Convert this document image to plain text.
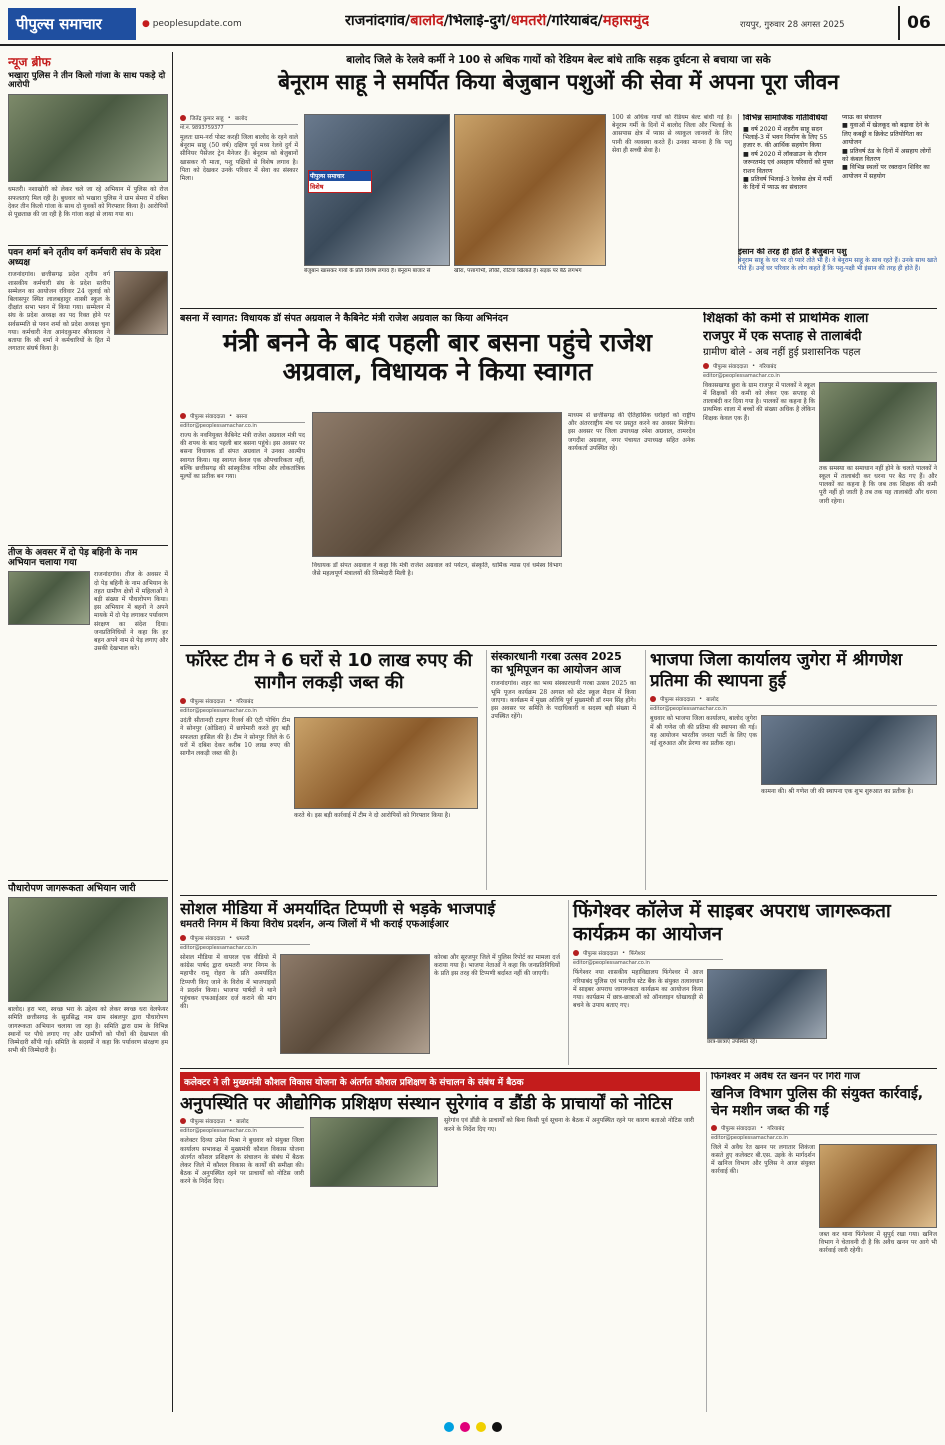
पीपुल्स समाचार	● peoplesupdate.com	राजनांदगांव/बालोद/भिलाई-दुर्ग/धमतरी/गरियाबंद/महासमुंद	रायपुर, गुरुवार 28 अगस्त 2025	06
न्यूज ब्रीफ
भखारा पुलिस ने तीन किलो गांजा के साथ पकड़े दो आरोपी
धमतरी। नशाखोरी को लेकर चले जा रहे अभियान में पुलिस को रोज सफलताएं मिल रही है। बुधवार को भखारा पुलिस ने ग्राम सेमरा में दबिश देकर तीन किलो गांजा के साथ दो युवकों को गिरफ्तार किया है। आरोपियों से पूछताछ की जा रही है कि गांजा कहां से लाया गया था।
पवन शर्मा बने तृतीय वर्ग कर्मचारी संघ के प्रदेश अध्यक्ष
राजनांदगांव। छत्तीसगढ़ प्रदेश तृतीय वर्ग शासकीय कर्मचारी संघ के प्रदेश स्तरीय सम्मेलन का आयोजन रविवार 24 जुलाई को बिलासपुर स्थित लालबहादुर शास्त्री स्कूल के दीक्षांत सभा भवन में किया गया। सम्मेलन में संघ के प्रदेश अध्यक्ष का पद रिक्त होने पर सर्वसम्मति से पवन शर्मा को प्रदेश अध्यक्ष चुना गया। कर्मचारी नेता आनंदकुमार श्रीवास्तव ने बताया कि श्री शर्मा ने कर्मचारियों के हित में लगातार संघर्ष किया है।
तीज के अवसर में दो पेड़ बहिनी के नाम अभियान चलाया गया
राजनांदगांव। तीज के अवसर में दो पेड़ बहिनी के नाम अभियान के तहत ग्रामीण क्षेत्रों में महिलाओं ने बड़ी संख्या में पौधारोपण किया। इस अभियान में बहनों ने अपने मायके में दो पेड़ लगाकर पर्यावरण संरक्षण का संदेश दिया। जनप्रतिनिधियों ने कहा कि हर बहन अपने नाम से पेड़ लगाए और उसकी देखभाल करे।
पौधारोपण जागरूकता अभियान जारी
बालोद। हरा भरा, स्वच्छ भरा के उद्देश्य को लेकर स्वच्छ धरा वेलफेयर समिति छत्तीसगढ़ के सुप्रसिद्ध नाम ग्राम संबलपुर द्वारा पौधारोपण जागरूकता अभियान चलाया जा रहा है। समिति द्वारा ग्राम के विभिन्न स्थानों पर पौधे लगाए गए और ग्रामीणों को पौधों की देखभाल की जिम्मेदारी सौंपी गई। समिति के सदस्यों ने कहा कि पर्यावरण संरक्षण हम सभी की जिम्मेदारी है।
बालोद जिले के रेलवे कर्मी ने 100 से अधिक गायों को रेडियम बेल्ट बांधे ताकि सड़क दुर्घटना से बचाया जा सके
बेनूराम साहू ने समर्पित किया बेजुबान पशुओं की सेवा में अपना पूरा जीवन
जितेंद्र कुमार साहू • बालोद
मो.नं. 9893759377
मूलतः ग्राम-नर्रा पोस्ट करही जिला बालोद के रहने वाले बेनूराम साहू (50 वर्ष) दक्षिण पूर्व मध्य रेलवे दुर्ग में सीनियर पैसेंजर ट्रेन मैनेजर हैं। बेनूराम को बेजुबानों खासकर गौ माता, पशु पक्षियों से विशेष लगाव है। पिता को देखकर उनके परिवार में सेवा का संस्कार मिला।	पीपुल्स समाचार
विशेष
बेजुबान खासकर गायों के प्रति विशेष लगाव है। बेनूराम बाजार से	खीरा, पत्तागोभी, लौकी, रोटियां खिलाते हैं। सड़क पर बैठे लगभग
100 से अधिक गायों को रेडियम बेल्ट बांधी गई है। बेनूराम गर्मी के दिनों में बालोद जिला और भिलाई के आसपास क्षेत्र में प्यास से व्याकुल जानवरों के लिए पानी की व्यवस्था करते हैं। उनका मानना है कि पशु सेवा ही सच्ची सेवा है।
विभिन्न सामाजिक गतिविधियां
■ वर्ष 2020 में शहरीय साहू सदन भिलाई-3 में भवन निर्माण के लिए 55 हजार रु. की आर्थिक सहयोग किया
■ वर्ष 2020 में लॉकडाउन के दौरान जरूरतमंद एवं असहाय परिवारों को मुफ्त राशन वितरण
■ प्रतिवर्ष भिलाई-3 रेलवेस क्षेत्र में गर्मी के दिनों में प्याऊ का संचालन
प्याऊ का संचालन
■ युवाओं में खेलकूद को बढ़ावा देने के लिए कबड्डी व क्रिकेट प्रतियोगिता का आयोजन
■ प्रतिवर्ष ठंड के दिनों में असहाय लोगों को कंबल वितरण
■ विभिन्न स्थलों पर रक्तदान शिविर का आयोजन में सहयोग
इंसान की तरह ही होते हैं बेजुबान पशु
बेनूराम साहू के घर पर दो प्यारे तोते भी हैं। वे बेनूराम साहू के साथ रहते हैं। उनके साथ खाते पीते हैं। उन्हें घर परिवार के लोग कहते हैं कि पशु-पक्षी भी इंसान की तरह ही होते हैं।
बसना में स्वागत: विधायक डॉ संपत अग्रवाल ने कैबिनेट मंत्री राजेश अग्रवाल का किया अभिनंदन
मंत्री बनने के बाद पहली बार बसना पहुंचे राजेश अग्रवाल, विधायक ने किया स्वागत
पीपुल्स संवाददाता • बसना
editor@peoplessamachar.co.in
राज्य के नवनियुक्त कैबिनेट मंत्री राजेश अग्रवाल मंत्री पद की शपथ के बाद पहली बार बसना पहुंचे। इस अवसर पर बसना विधायक डॉ संपत अग्रवाल ने उनका आत्मीय स्वागत किया। यह स्वागत केवल एक औपचारिकता नहीं, बल्कि छत्तीसगढ़ की सांस्कृतिक गरिमा और लोकतांत्रिक मूल्यों का प्रतीक बन गया।
विधायक डॉ संपत अग्रवाल ने कहा कि मंत्री राजेश अग्रवाल को पर्यटन, संस्कृति, धार्मिक न्यास एवं धर्मस्व विभाग जैसे महत्वपूर्ण मंत्रालयों की जिम्मेदारी मिली है।
माध्यम से छत्तीसगढ़ की ऐतिहासिक धरोहरों को राष्ट्रीय और अंतरराष्ट्रीय मंच पर प्रस्तुत करने का अवसर मिलेगा। इस अवसर पर जिला उपाध्यक्ष रमेश अग्रवाल, तामरदेव जगदीश अग्रवाल, नगर पंचायत उपाध्यक्ष सहित अनेक कार्यकर्ता उपस्थित रहे।
शिक्षकों की कमी से प्राथमिक शाला
राजपुर में एक सप्ताह से तालाबंदी
ग्रामीण बोले - अब नहीं हुई प्रशासनिक पहल
पीपुल्स संवाददाता • गरियाबंद
editor@peoplessamachar.co.in
विकासखण्ड छुरा के ग्राम राजपुर में पालकों ने स्कूल में शिक्षकों की कमी को लेकर एक सप्ताह से तालाबंदी कर दिया गया है। पालकों का कहना है कि प्राथमिक शाला में बच्चों की संख्या अधिक है लेकिन शिक्षक केवल एक हैं।
तक समस्या का समाधान नहीं होने के चलते पालकों ने स्कूल में तालाबंदी कर धरना पर बैठ गए हैं। और पालकों का कहना है कि जब तक शिक्षक की कमी पूरी नहीं हो जाती है तब तक यह तालाबंदी और धरना जारी रहेगा।
फॉरेस्ट टीम ने 6 घरों से 10 लाख रुपए की सागौन लकड़ी जब्त की
पीपुल्स संवाददाता • गरियाबंद
editor@peoplessamachar.co.in
उदंती सीतानदी टाइगर रिजर्व की एंटी पोचिंग टीम ने सोनपुर (ओडिशा) में छापेमारी करते हुए बड़ी सफलता हासिल की है। टीम ने सोनपुर जिले के 6 घरों में दबिश देकर करीब 10 लाख रुपए की सागौन लकड़ी जब्त की है।
करते थे। इस बड़ी कार्रवाई में टीम ने दो आरोपियों को गिरफ्तार किया है।
संस्कारधानी गरबा उत्सव 2025 का भूमिपूजन का आयोजन आज
राजनांदगांव। शहर का भव्य संस्कारधानी गरबा उत्सव 2025 का भूमि पूजन कार्यक्रम 28 अगस्त को स्टेट स्कूल मैदान में किया जाएगा। कार्यक्रम में मुख्य अतिथि पूर्व मुख्यमंत्री डॉ रमन सिंह होंगे। इस अवसर पर समिति के पदाधिकारी व सदस्य बड़ी संख्या में उपस्थित रहेंगे।
भाजपा जिला कार्यालय जुगेरा में श्रीगणेश प्रतिमा की स्थापना हुई
पीपुल्स संवाददाता • बालोद
editor@peoplessamachar.co.in
बुधवार को भाजपा जिला कार्यालय, बालोद जुगेरा में श्री गणेश जी की प्रतिमा की स्थापना की गई। यह आयोजन भारतीय जनता पार्टी के लिए एक नई शुरुआत और प्रेरणा का प्रतीक रहा।
कामना की। श्री गणेश जी की स्थापना एक शुभ शुरुआत का प्रतीक है।
सोशल मीडिया में अमर्यादित टिप्पणी से भड़के भाजपाई
धमतरी निगम में किया विरोध प्रदर्शन, अन्य जिलों में भी कराई एफआईआर
पीपुल्स संवाददाता • धमतरी
editor@peoplessamachar.co.in
सोशल मीडिया में वायरल एक वीडियो में कांग्रेस पार्षद द्वारा धमतरी नगर निगम के महापौर रामू रोहरा के प्रति अमर्यादित टिप्पणी किए जाने के विरोध में भाजपाइयों ने प्रदर्शन किया। भाजपा पार्षदों ने थाने पहुंचकर एफआईआर दर्ज कराने की मांग की।
कोरबा और सूरजपुर जिले में पुलिस रिपोर्ट का मामला दर्ज कराया गया है। भाजपा नेताओं ने कहा कि जनप्रतिनिधियों के प्रति इस तरह की टिप्पणी बर्दाश्त नहीं की जाएगी।
फिंगेश्वर कॉलेज में साइबर अपराध जागरूकता कार्यक्रम का आयोजन
पीपुल्स संवाददाता • फिंगेश्वर
editor@peoplessamachar.co.in
फिंगेश्वर नया शासकीय महाविद्यालय फिंगेश्वर में आज गरियाबंद पुलिस एवं भारतीय स्टेट बैंक के संयुक्त तत्वावधान में साइबर अपराध जागरूकता कार्यक्रम का आयोजन किया गया। कार्यक्रम में छात्र-छात्राओं को ऑनलाइन धोखाधड़ी से बचने के उपाय बताए गए।
छात्र-छात्राएं उपस्थित रहे।
कलेक्टर ने ली मुख्यमंत्री कौशल विकास योजना के अंतर्गत कौशल प्रशिक्षण के संचालन के संबंध में बैठक
अनुपस्थिति पर औद्योगिक प्रशिक्षण संस्थान सुरेगांव व डौंडी के प्राचार्यों को नोटिस
पीपुल्स संवाददाता • बालोद
editor@peoplessamachar.co.in
कलेक्टर दिव्या उमेश मिश्रा ने बुधवार को संयुक्त जिला कार्यालय सभाकक्ष में मुख्यमंत्री कौशल विकास योजना अंतर्गत कौशल प्रशिक्षण के संचालन के संबंध में बैठक लेकर जिले में कौशल विकास के कार्यों की समीक्षा की। बैठक में अनुपस्थित रहने पर प्राचार्यों को नोटिस जारी करने के निर्देश दिए।
सुरेगांव एवं डौंडी के प्राचार्यों को बिना किसी पूर्व सूचना के बैठक में अनुपस्थित रहने पर कारण बताओ नोटिस जारी करने के निर्देश दिए गए।
फिंगेश्वर में अवैध रेत खनन पर गिरी गाज
खनिज विभाग पुलिस की संयुक्त कार्रवाई, चेन मशीन जब्त की गई
पीपुल्स संवाददाता • गरियाबंद
editor@peoplessamachar.co.in
जिले में अवैध रेत खनन पर लगातार शिकंजा कसते हुए कलेक्टर बी.एस. उइके के मार्गदर्शन में खनिज विभाग और पुलिस ने आज संयुक्त कार्रवाई की।
जब्त कर थाना फिंगेश्वर में सुपुर्द रखा गया। खनिज विभाग ने चेतावनी दी है कि अवैध खनन पर आगे भी कार्रवाई जारी रहेगी।
